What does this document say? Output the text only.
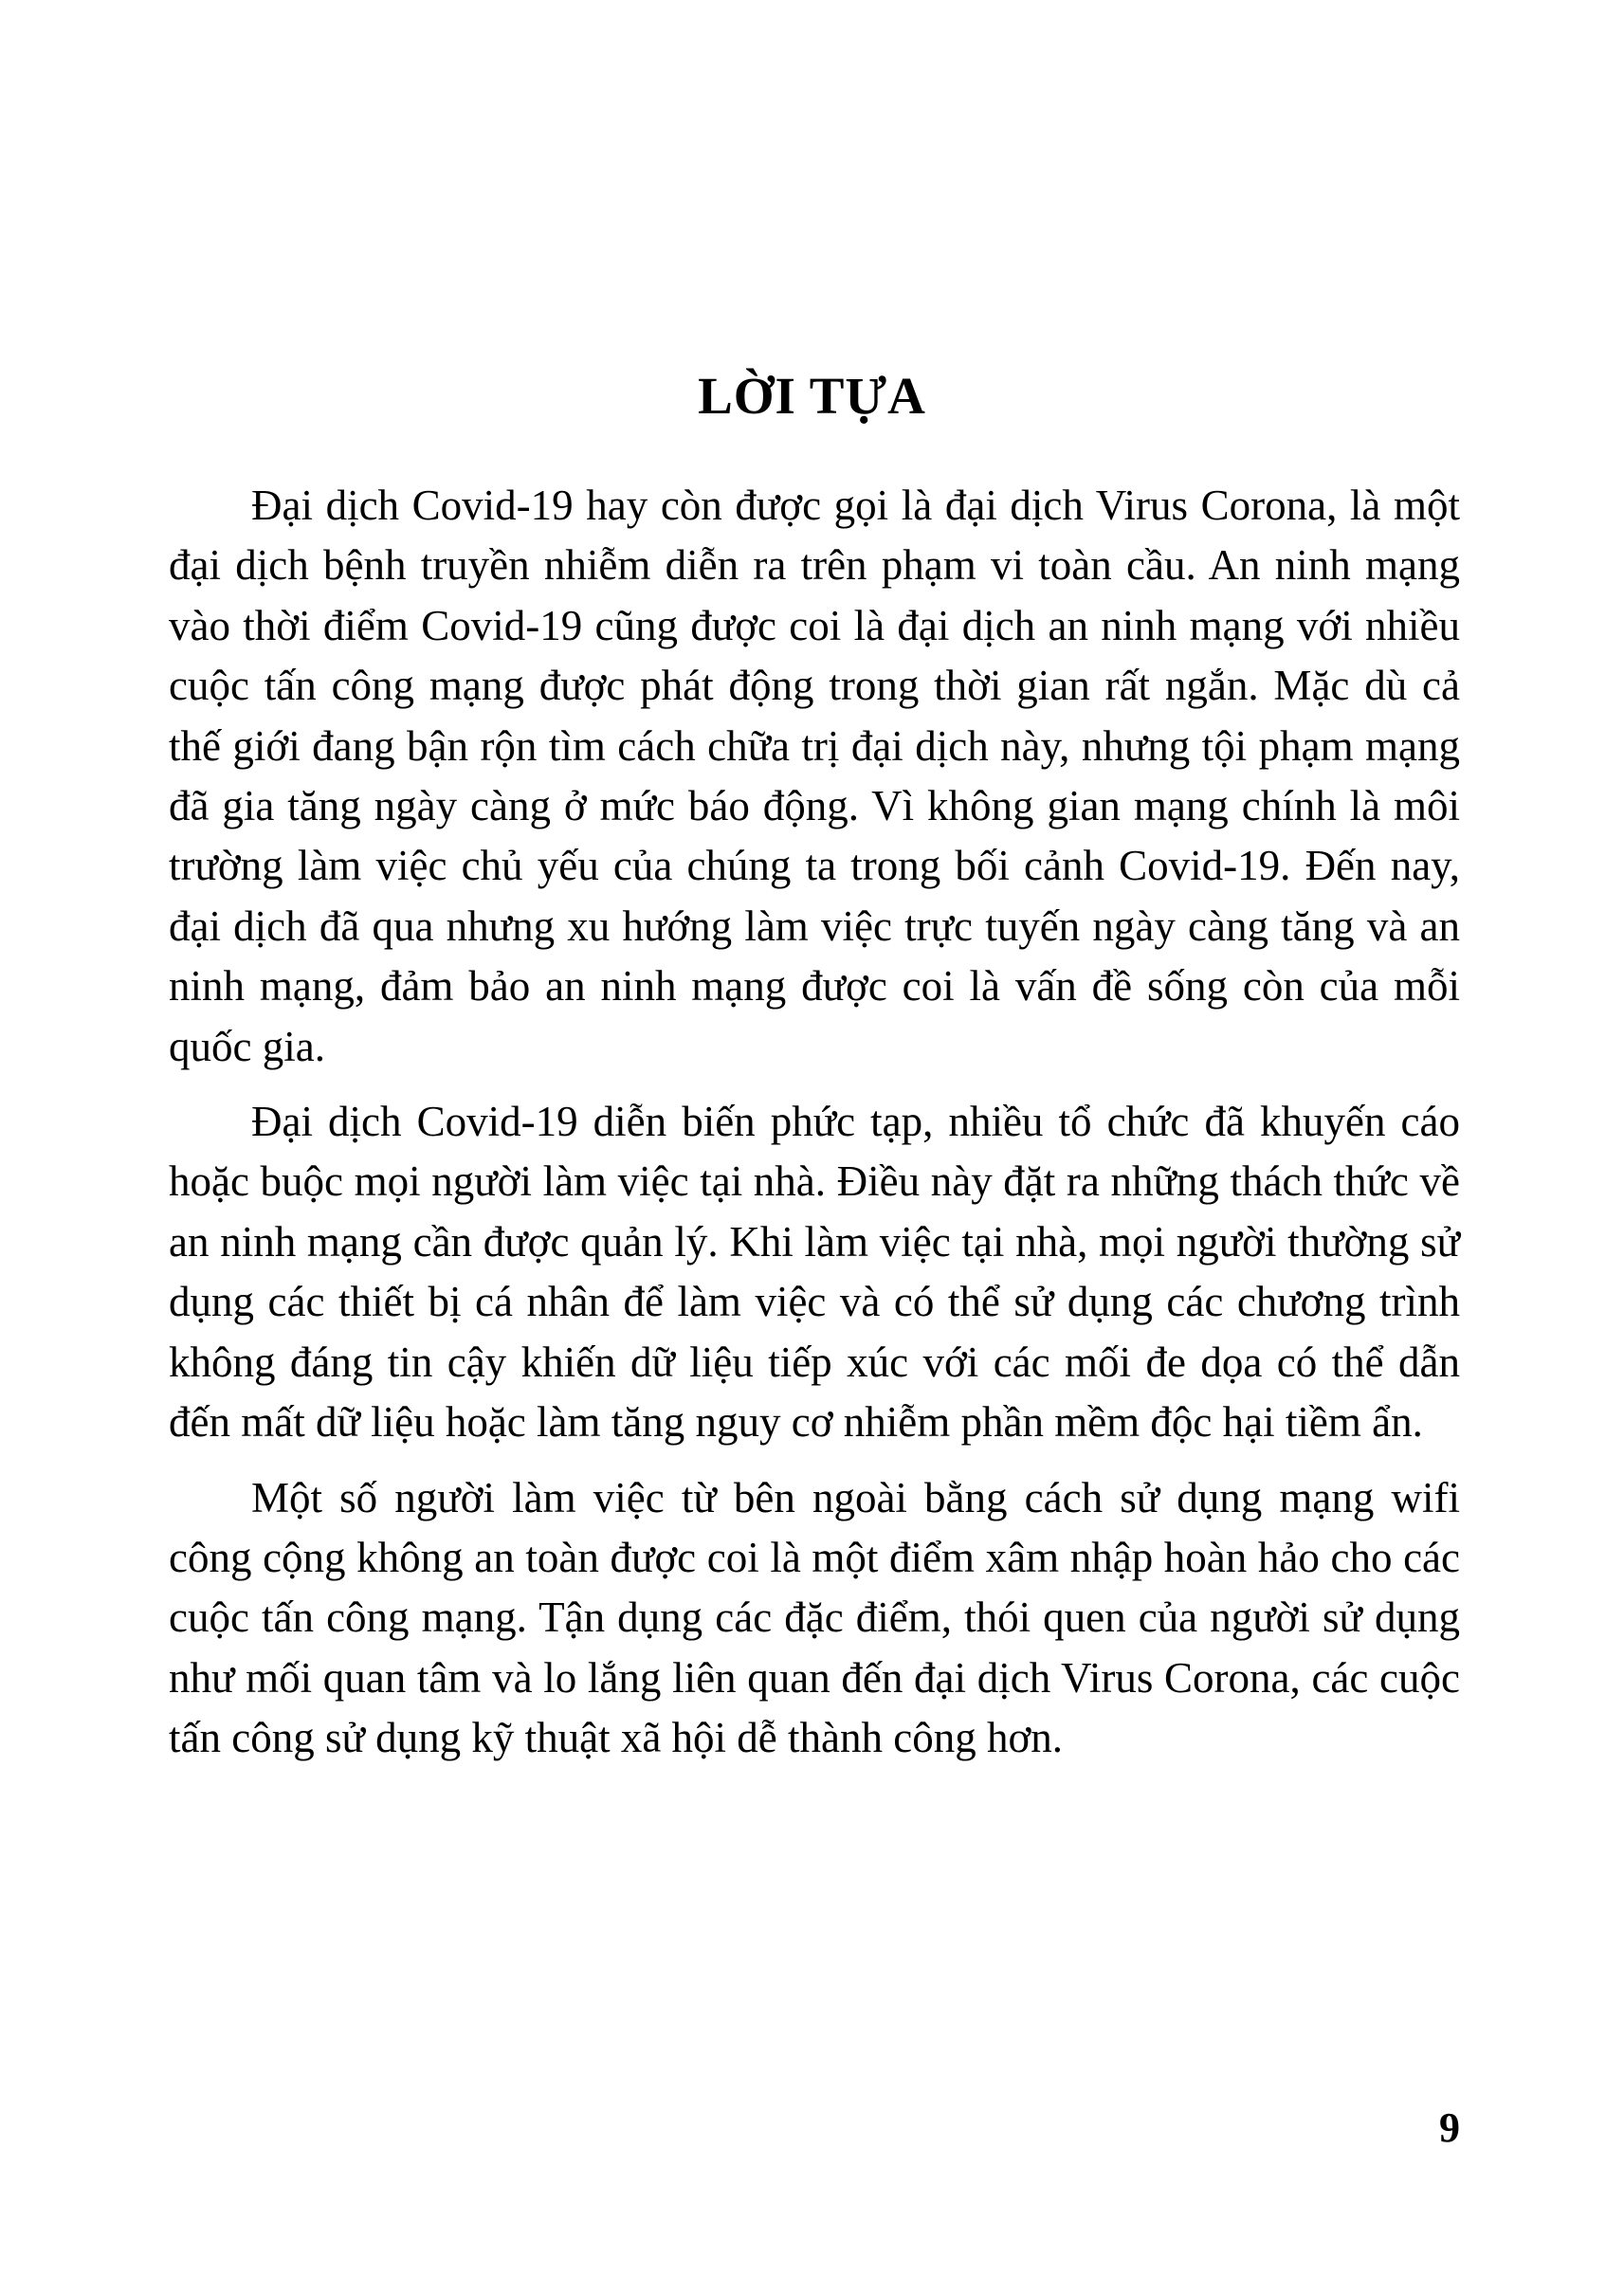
LỜI TỰA

Đại dịch Covid-19 hay còn được gọi là đại dịch Virus Corona, là một đại dịch bệnh truyền nhiễm diễn ra trên phạm vi toàn cầu. An ninh mạng vào thời điểm Covid-19 cũng được coi là đại dịch an ninh mạng với nhiều cuộc tấn công mạng được phát động trong thời gian rất ngắn. Mặc dù cả thế giới đang bận rộn tìm cách chữa trị đại dịch này, nhưng tội phạm mạng đã gia tăng ngày càng ở mức báo động. Vì không gian mạng chính là môi trường làm việc chủ yếu của chúng ta trong bối cảnh Covid-19. Đến nay, đại dịch đã qua nhưng xu hướng làm việc trực tuyến ngày càng tăng và an ninh mạng, đảm bảo an ninh mạng được coi là vấn đề sống còn của mỗi quốc gia.

Đại dịch Covid-19 diễn biến phức tạp, nhiều tổ chức đã khuyến cáo hoặc buộc mọi người làm việc tại nhà. Điều này đặt ra những thách thức về an ninh mạng cần được quản lý. Khi làm việc tại nhà, mọi người thường sử dụng các thiết bị cá nhân để làm việc và có thể sử dụng các chương trình không đáng tin cậy khiến dữ liệu tiếp xúc với các mối đe dọa có thể dẫn đến mất dữ liệu hoặc làm tăng nguy cơ nhiễm phần mềm độc hại tiềm ẩn.

Một số người làm việc từ bên ngoài bằng cách sử dụng mạng wifi công cộng không an toàn được coi là một điểm xâm nhập hoàn hảo cho các cuộc tấn công mạng. Tận dụng các đặc điểm, thói quen của người sử dụng như mối quan tâm và lo lắng liên quan đến đại dịch Virus Corona, các cuộc tấn công sử dụng kỹ thuật xã hội dễ thành công hơn.

9
